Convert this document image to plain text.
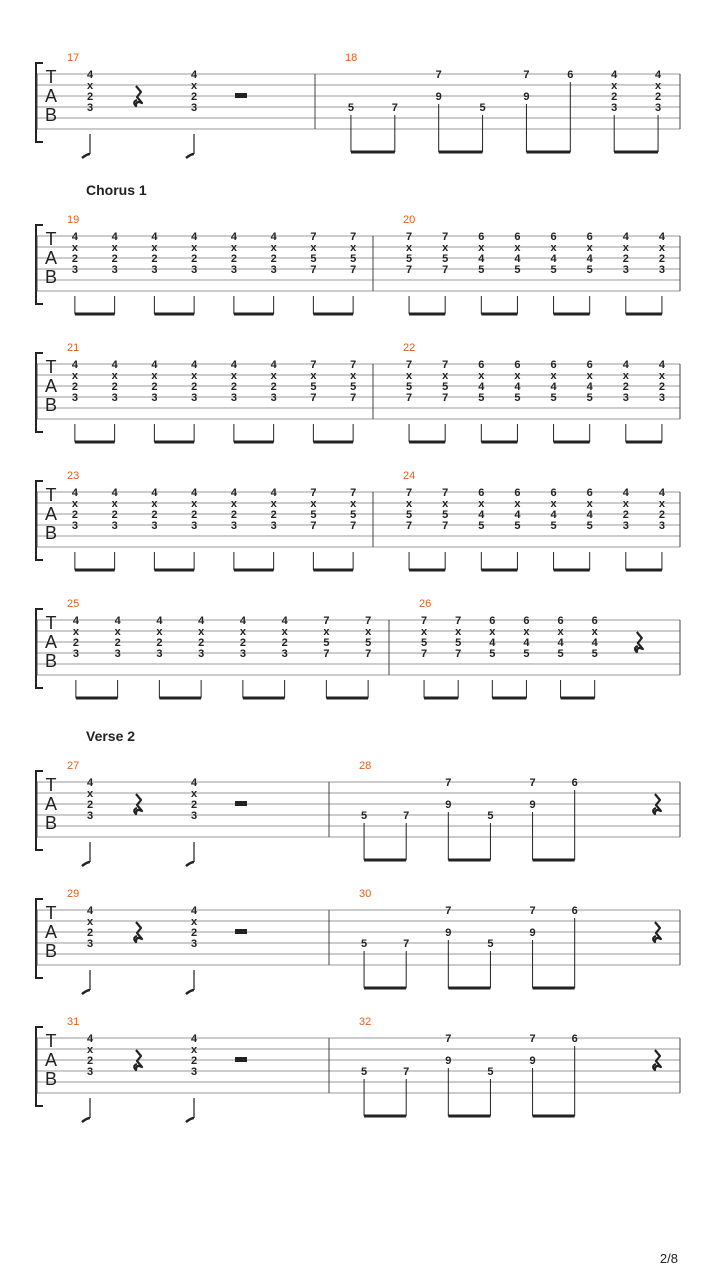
T
A
B
17
4
x
2
3
4
x
2
3
18
5	7
7
9
5
7
9
6	4
x
2
3
4
x
2
3
T
A
B
19
4
x
2
3
4
x
2
3
4
x
2
3
4
x
2
3
4
x
2
3
4
x
2
3
7
x
5
7
7
x
5
7
20
7
x
5
7
7
x
5
7
6
x
4
5
6
x
4
5
6
x
4
5
6
x
4
5
4
x
2
3
4
x
2
3
T
A
B
21
4
x
2
3
4
x
2
3
4
x
2
3
4
x
2
3
4
x
2
3
4
x
2
3
7
x
5
7
7
x
5
7
22
7
x
5
7
7
x
5
7
6
x
4
5
6
x
4
5
6
x
4
5
6
x
4
5
4
x
2
3
4
x
2
3
T
A
B
23
4
x
2
3
4
x
2
3
4
x
2
3
4
x
2
3
4
x
2
3
4
x
2
3
7
x
5
7
7
x
5
7
24
7
x
5
7
7
x
5
7
6
x
4
5
6
x
4
5
6
x
4
5
6
x
4
5
4
x
2
3
4
x
2
3
T
A
B
25
4
x
2
3
4
x
2
3
4
x
2
3
4
x
2
3
4
x
2
3
4
x
2
3
7
x
5
7
7
x
5
7
26
7
x
5
7
7
x
5
7
6
x
4
5
6
x
4
5
6
x
4
5
6
x
4
5
T
A
B
27
4
x
2
3
4
x
2
3
28
5	7
7
9
5
7
9
6
T
A
B
29
4
x
2
3
4
x
2
3
30
5	7
7
9
5
7
9
6
T
A
B
31
4
x
2
3
4
x
2
3
32
5	7
7
9
5
7
9
6
Chorus 1
Verse 2
2/8
